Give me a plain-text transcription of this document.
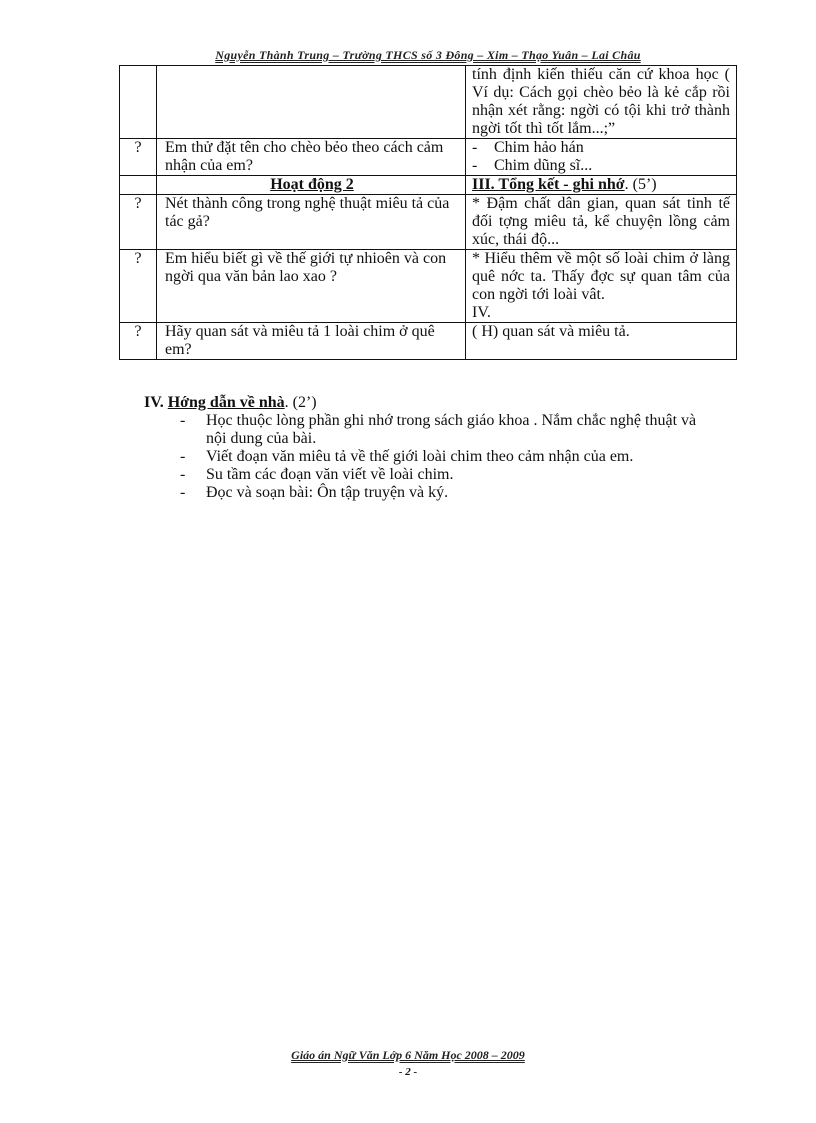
Nguyễn Thành Trung – Trường THCS số 3 Đông – Xim – Thạo Yuân – Lai Châu

		tính định kiến thiếu căn cứ khoa học ( Ví dụ: Cách gọi chèo bẻo là kẻ cắp rồi nhận xét rằng: ngời có tội khi trở thành ngời tốt thì tốt lắm...;”

?	Em thử đặt tên cho chèo bẻo theo cách cảm nhận của em?	- Chim hảo hán
- Chim dũng sĩ...

	Hoạt động 2	III. Tổng kết - ghi nhớ. (5’)

?	Nét thành công trong nghệ thuật miêu tả của tác gả?	* Đậm chất dân gian, quan sát tinh tế đối tợng miêu tả, kể chuyện lồng cảm xúc, thái độ...

?	Em hiểu biết gì về thế giới tự nhioên và con ngời qua văn bản lao xao ?	* Hiểu thêm về một số loài chim ở làng quê nớc ta. Thấy đợc sự quan tâm của con ngời tới loài vât.
IV.

?	Hãy quan sát và miêu tả 1 loài chim ở quê em?	( H) quan sát và miêu tả.
IV. Hớng dẫn về nhà. (2’)
- Học thuộc lòng phần ghi nhớ trong sách giáo khoa . Nắm chắc nghệ thuật và nội dung của bài.
- Viết đoạn văn miêu tả về thế giới loài chim theo cảm nhận của em.
- Su tầm các đoạn văn viết về loài chim.
- Đọc và soạn bài: Ôn tập truyện và ký.
Giáo án Ngữ Văn Lớp 6 Năm Học 2008 – 2009
- 2 -
